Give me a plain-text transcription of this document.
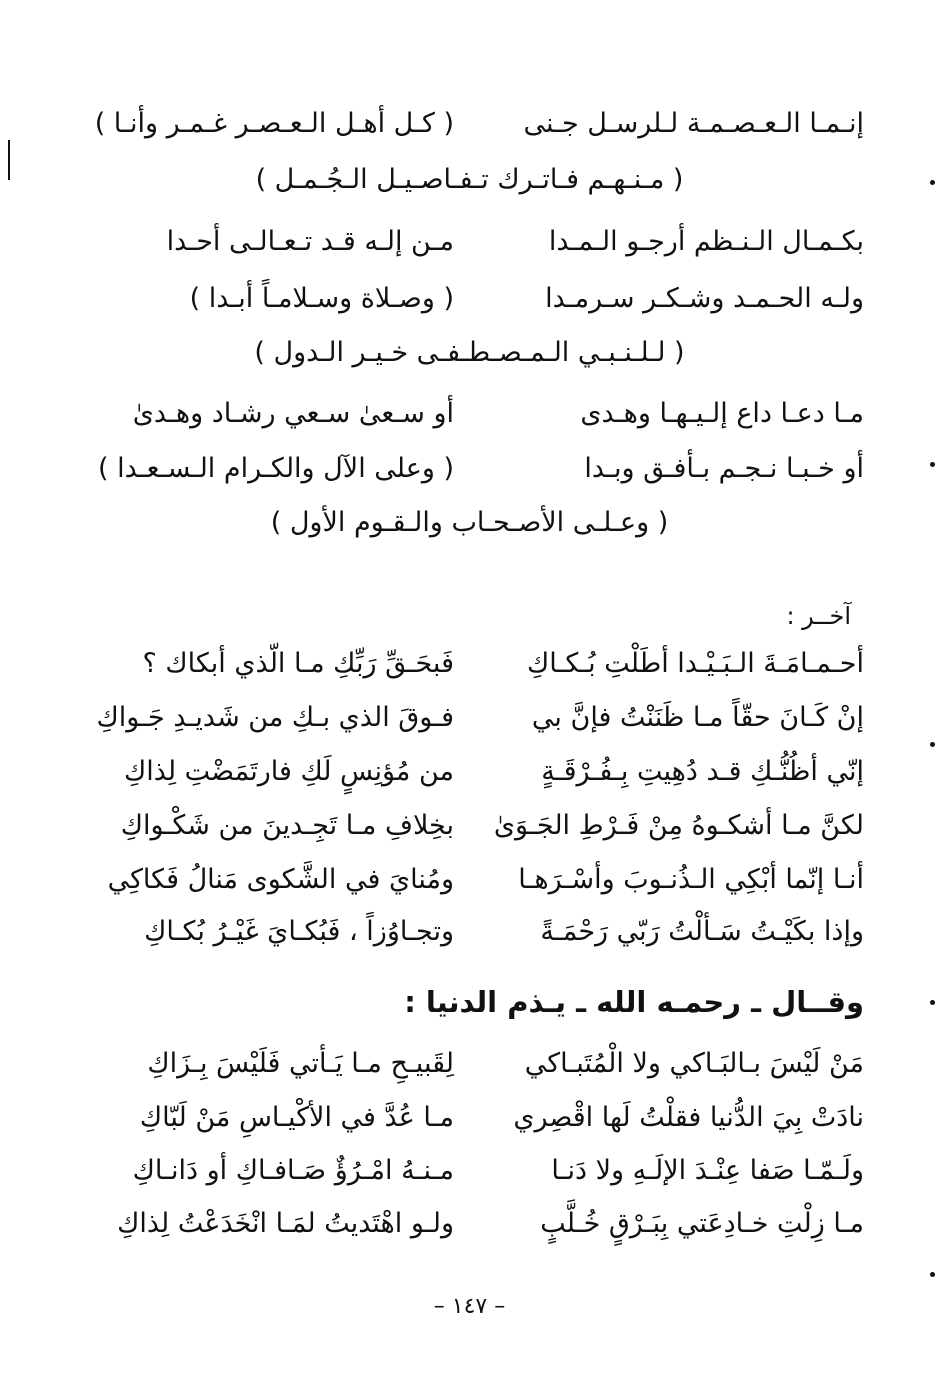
إنـمـا الـعـصـمـة لـلرسـل جـنى
( كـل أهـل الـعـصـر غـمـر وأنـا )
( مـنـهـم فـاتـرك تـفـاصـيـل الـجُـمـل )
بكـمـال الـنـظم أرجـو الـمـدا
مـن إلـه قـد تـعـالـى أحـدا
ولـه الحـمـد وشـكـر سـرمـدا
( وصـلاة وسـلامـاً أبـدا )
( لـلـنـبـي الـمـصـطـفـى خـيـر الـدول )
مـا دعـا داع إلـيـهـا وهـدى
أو سـعىٰ سـعي رشـاد وهـدىٰ
أو خـبـا نـجـم بـأفـق وبـدا
( وعلى الآل والكـرام الـسـعـدا )
( وعـلـى الأصـحـاب والـقـوم الأول )
آخــر :
أحـمـامَـةَ الـبَـيْـدا أطَلْتِ بُـكـاكِ
فَبحَـقِّ رَبِّكِ مـا الّذي أبكاك ؟
إنْ كَـانَ حقّاً مـا ظَنَنْتُ فإنَّ بي
فـوقَ الذي بـكِ من شَديـدِ جَـواكِ
إنّي أظُنُّـكِ قـد دُهِيتِ بِـفُـرْقَـةٍ
من مُؤنِسٍ لَكِ فارتَمَضْتِ لِذاكِ
لكنَّ مـا أشكـوهُ مِنْ فَـرْطِ الجَـوَىٰ
بخِلافِ مـا تَجِـدينَ من شَكْـواكِ
أنـا إنّما أبْكِي الـذُنـوبَ وأسْـرَهـا
ومُنايَ في الشَّكوى مَنالُ فَكاكِي
وإذا بكَيْـتُ سَـألْتُ رَبّي رَحْمَـةً
وتجـاوُزاً ، فَبُكـايَ غَيْـرُ بُكـاكِ
وقــال ـ رحمـه الله ـ يـذم الدنيا :
مَنْ لَيْسَ بـالبَـاكي ولا الْمُتَبـاكي
لِقَبيـحِ مـا يَـأتي فَلَيْسَ بِـزَاكِ
نادَتْ بِيَ الدُّنيا فقلْتُ لَها اقْصِري
مـا عُدَّ في الأكْيـاسِ مَنْ لَبّاكِ
ولَـمّـا صَفا عِنْـدَ الإلَـهِ ولا دَنـا
مـنـهُ امْـرُؤٌ صَـافـاكِ أو دَانـاكِ
مـا زِلْتِ خـادِعَتي بِبَـرْقٍ خُـلَّبٍ
ولـو اهْتَديتُ لمَـا انْخَدَعْتُ لِذاكِ
– ١٤٧ –
